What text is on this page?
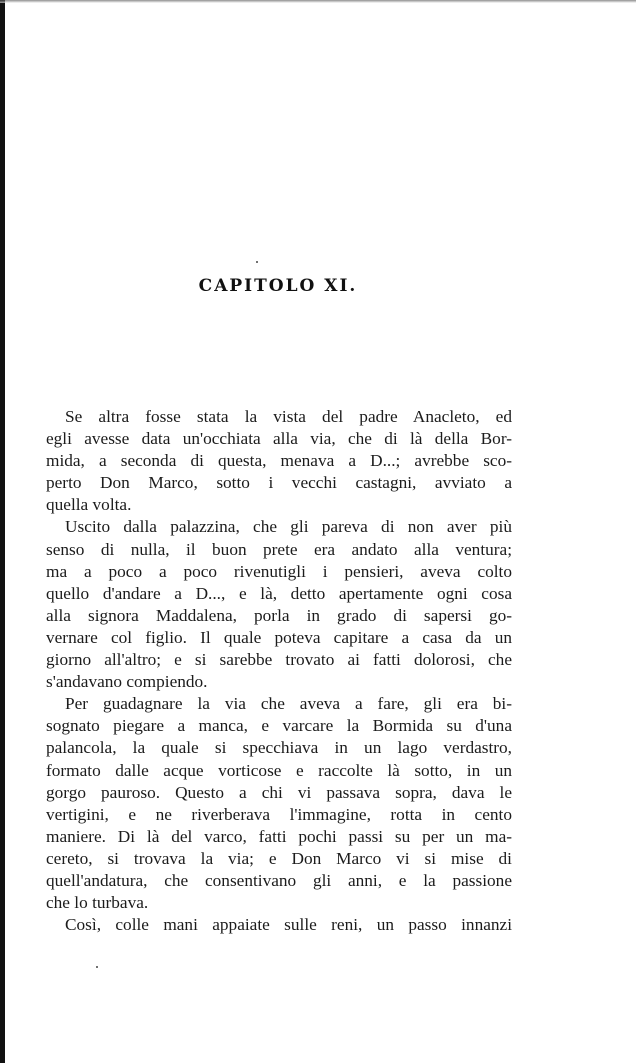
CAPITOLO XI.
Se altra fosse stata la vista del padre Anacleto, ed
egli avesse data un'occhiata alla via, che di là della Bor-
mida, a seconda di questa, menava a D...; avrebbe sco-
perto Don Marco, sotto i vecchi castagni, avviato a
quella volta.
Uscito dalla palazzina, che gli pareva di non aver più
senso di nulla, il buon prete era andato alla ventura;
ma a poco a poco rivenutigli i pensieri, aveva colto
quello d'andare a D..., e là, detto apertamente ogni cosa
alla signora Maddalena, porla in grado di sapersi go-
vernare col figlio. Il quale poteva capitare a casa da un
giorno all'altro; e si sarebbe trovato ai fatti dolorosi, che
s'andavano compiendo.
Per guadagnare la via che aveva a fare, gli era bi-
sognato piegare a manca, e varcare la Bormida su d'una
palancola, la quale si specchiava in un lago verdastro,
formato dalle acque vorticose e raccolte là sotto, in un
gorgo pauroso. Questo a chi vi passava sopra, dava le
vertigini, e ne riverberava l'immagine, rotta in cento
maniere. Di là del varco, fatti pochi passi su per un ma-
cereto, si trovava la via; e Don Marco vi si mise di
quell'andatura, che consentivano gli anni, e la passione
che lo turbava.
Così, colle mani appaiate sulle reni, un passo innanzi
